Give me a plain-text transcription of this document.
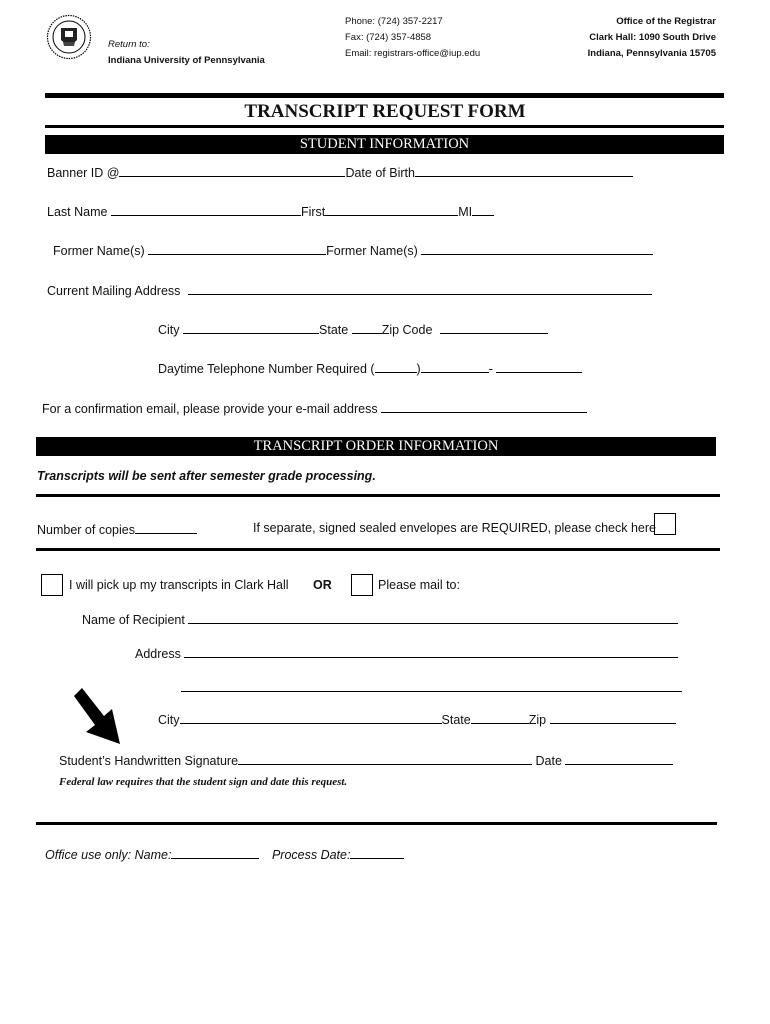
Return to:
Indiana University of Pennsylvania
Phone: (724) 357-2217
Fax: (724) 357-4858
Email: registrars-office@iup.edu
Office of the Registrar
Clark Hall: 1090 South Drive
Indiana, Pennsylvania 15705
TRANSCRIPT REQUEST FORM
STUDENT INFORMATION
Banner ID @	Date of Birth
Last Name	First	MI
Former Name(s)	Former Name(s)
Current Mailing Address
City	State	Zip Code
Daytime Telephone Number Required (	)	-
For a confirmation email, please provide your e-mail address
TRANSCRIPT ORDER INFORMATION
Transcripts will be sent after semester grade processing.
Number of copies	If separate, signed sealed envelopes are REQUIRED, please check here
I will pick up my transcripts in Clark Hall OR	Please mail to:
Name of Recipient
Address
City	State	Zip
Student’s Handwritten Signature	Date
Federal law requires that the student sign and date this request.
Office use only: Name:	Process Date:
